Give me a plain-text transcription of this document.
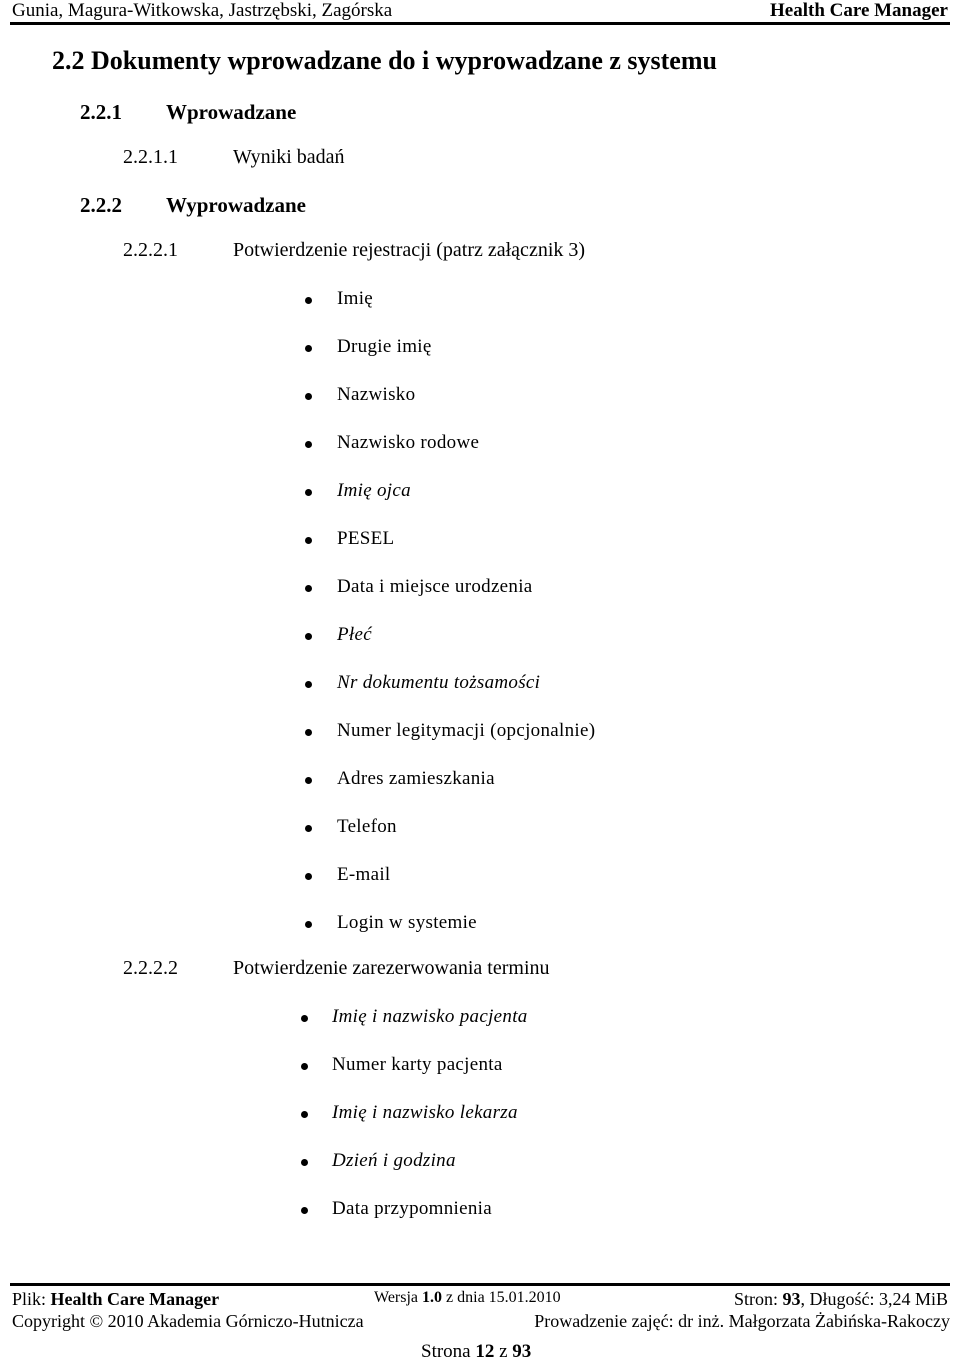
Gunia, Magura-Witkowska, Jastrzębski, Zagórska	Health Care Manager
2.2 Dokumenty wprowadzane do i wyprowadzane z systemu
2.2.1 Wprowadzane
2.2.1.1	Wyniki badań
2.2.2 Wyprowadzane
2.2.2.1	Potwierdzenie rejestracji (patrz załącznik 3)
Imię
Drugie imię
Nazwisko
Nazwisko rodowe
Imię ojca
PESEL
Data i miejsce urodzenia
Płeć
Nr dokumentu tożsamości
Numer legitymacji (opcjonalnie)
Adres zamieszkania
Telefon
E-mail
Login w systemie
2.2.2.2	Potwierdzenie zarezerwowania terminu
Imię i nazwisko pacjenta
Numer karty pacjenta
Imię i nazwisko lekarza
Dzień i godzina
Data przypomnienia
Plik: Health Care Manager	Wersja 1.0 z dnia 15.01.2010	Stron: 93, Długość: 3,24 MiB
Copyright © 2010 Akademia Górniczo-Hutnicza	Prowadzenie zajęć: dr inż. Małgorzata Żabińska-Rakoczy
Strona 12 z 93
